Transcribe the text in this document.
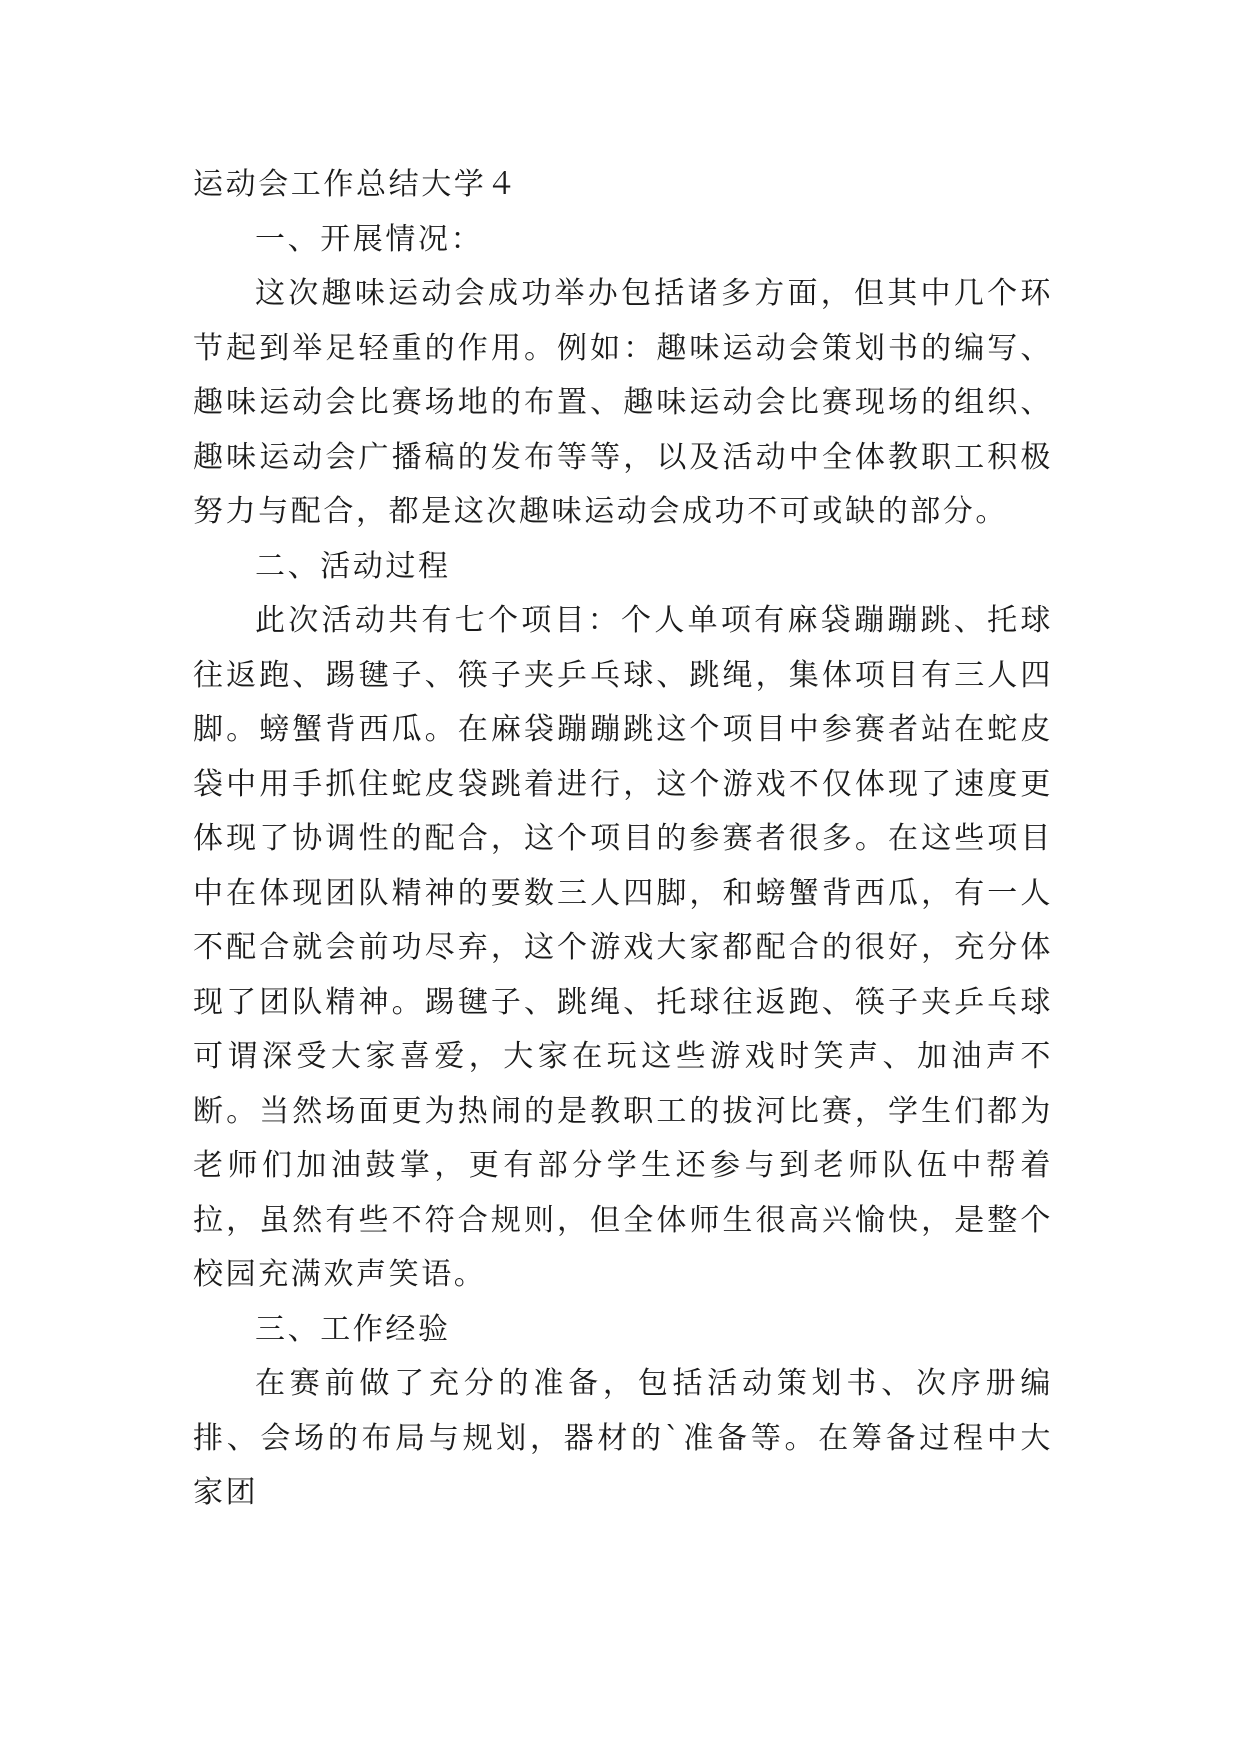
运动会工作总结大学４
一、开展情况：

这次趣味运动会成功举办包括诸多方面，但其中几个环节起到举足轻重的作用。例如：趣味运动会策划书的编写、趣味运动会比赛场地的布置、趣味运动会比赛现场的组织、趣味运动会广播稿的发布等等，以及活动中全体教职工积极努力与配合，都是这次趣味运动会成功不可或缺的部分。

二、活动过程

此次活动共有七个项目：个人单项有麻袋蹦蹦跳、托球往返跑、踢毽子、筷子夹乒乓球、跳绳，集体项目有三人四脚。螃蟹背西瓜。在麻袋蹦蹦跳这个项目中参赛者站在蛇皮袋中用手抓住蛇皮袋跳着进行，这个游戏不仅体现了速度更体现了协调性的配合，这个项目的参赛者很多。在这些项目中在体现团队精神的要数三人四脚，和螃蟹背西瓜，有一人不配合就会前功尽弃，这个游戏大家都配合的很好，充分体现了团队精神。踢毽子、跳绳、托球往返跑、筷子夹乒乓球可谓深受大家喜爱，大家在玩这些游戏时笑声、加油声不断。当然场面更为热闹的是教职工的拔河比赛，学生们都为老师们加油鼓掌，更有部分学生还参与到老师队伍中帮着拉，虽然有些不符合规则，但全体师生很高兴愉快，是整个校园充满欢声笑语。

三、工作经验

在赛前做了充分的准备，包括活动策划书、次序册编排、会场的布局与规划，器材的`准备等。在筹备过程中大家团
